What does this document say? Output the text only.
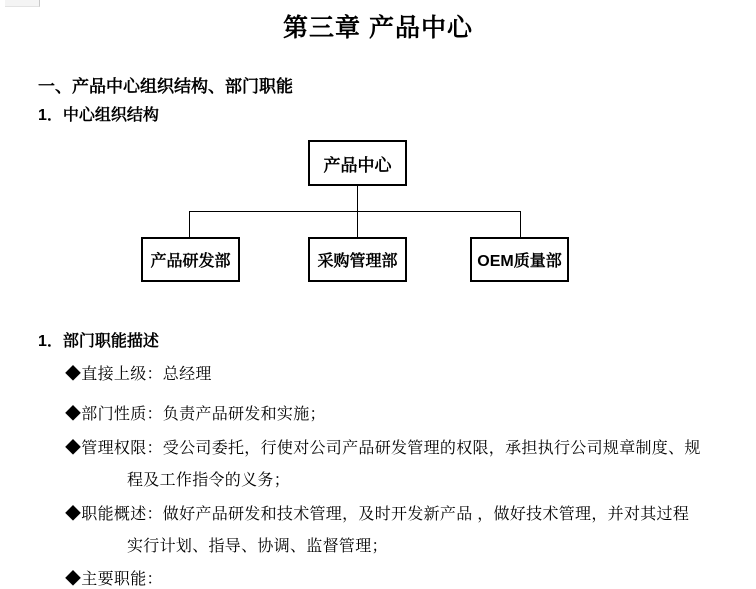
第三章 产品中心
一、产品中心组织结构、部门职能
1．中心组织结构
产品中心
产品研发部	采购管理部	OEM质量部
1．部门职能描述
◆直接上级：总经理
◆部门性质：负责产品研发和实施；
◆管理权限：受公司委托，行使对公司产品研发管理的权限，承担执行公司规章制度、规
程及工作指令的义务；
◆职能概述：做好产品研发和技术管理，及时开发新产品 ，做好技术管理，并对其过程
实行计划、指导、协调、监督管理；
◆主要职能：
